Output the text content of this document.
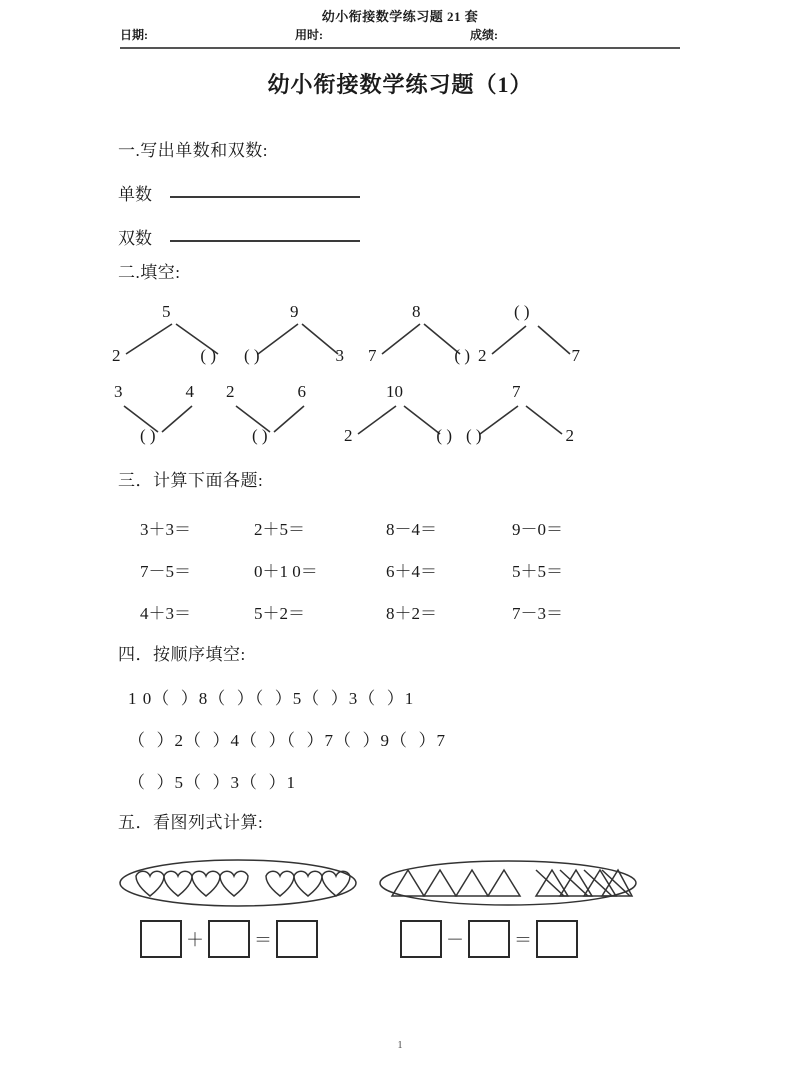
幼小衔接数学练习题 21 套
日期:	用时:	成绩:
幼小衔接数学练习题（1）
一.写出单数和双数:
单数
双数
二.填空:
5
2	( )
9
( )	3
8
7	( )
( )
2	7
3	4
( )
2	6
( )
10
2	( )
7
( )	2
三．计算下面各题:
3＋3＝	2＋5＝	8－4＝	9－0＝
7－5＝	0＋1 0＝	6＋4＝	5＋5＝
4＋3＝	5＋2＝	8＋2＝	7－3＝
四．按顺序填空:
1 0（  ）8（  ）（  ）5（  ）3（  ）1
（  ）2（  ）4（  ）（  ）7（  ）9（  ）7
（  ）5（  ）3（  ）1
五．看图列式计算:
＋	＝	－	＝
1
